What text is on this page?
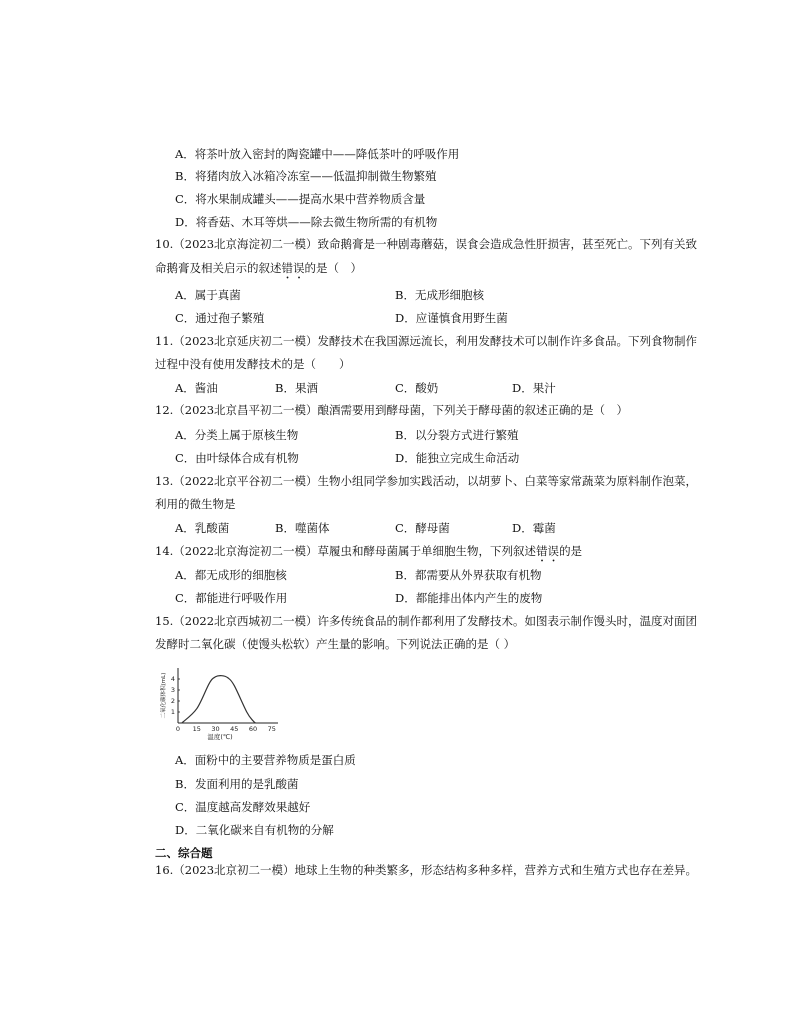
A．将茶叶放入密封的陶瓷罐中——降低茶叶的呼吸作用
B．将猪肉放入冰箱冷冻室——低温抑制微生物繁殖
C．将水果制成罐头——提高水果中营养物质含量
D．将香菇、木耳等烘——除去微生物所需的有机物
10.（2023北京海淀初二一模）致命鹅膏是一种剧毒蘑菇，误食会造成急性肝损害，甚至死亡。下列有关致
命鹅膏及相关启示的叙述错误的是（　）
A．属于真菌	B．无成形细胞核
C．通过孢子繁殖	D．应谨慎食用野生菌
11.（2023北京延庆初二一模）发酵技术在我国源远流长，利用发酵技术可以制作许多食品。下列食物制作
过程中没有使用发酵技术的是（　　）
A．酱油	B．果酒	C．酸奶	D．果汁
12.（2023北京昌平初二一模）酿酒需要用到酵母菌，下列关于酵母菌的叙述正确的是（　）
A．分类上属于原核生物	B．以分裂方式进行繁殖
C．由叶绿体合成有机物	D．能独立完成生命活动
13.（2022北京平谷初二一模）生物小组同学参加实践活动，以胡萝卜、白菜等家常蔬菜为原料制作泡菜，
利用的微生物是
A．乳酸菌	B．噬菌体	C．酵母菌	D．霉菌
14.（2022北京海淀初二一模）草履虫和酵母菌属于单细胞生物，下列叙述错误的是
A．都无成形的细胞核	B．都需要从外界获取有机物
C．都能进行呼吸作用	D．都能排出体内产生的废物
15.（2022北京西城初二一模）许多传统食品的制作都利用了发酵技术。如图表示制作馒头时，温度对面团
发酵时二氧化碳（使馒头松软）产生量的影响。下列说法正确的是（ ）
二氧化碳体积(mL)
温度(℃)
0 15 30 45 60 75
1
2
3
4
A．面粉中的主要营养物质是蛋白质
B．发面利用的是乳酸菌
C．温度越高发酵效果越好
D．二氧化碳来自有机物的分解
二、综合题
16.（2023北京初二一模）地球上生物的种类繁多，形态结构多种多样，营养方式和生殖方式也存在差异。
